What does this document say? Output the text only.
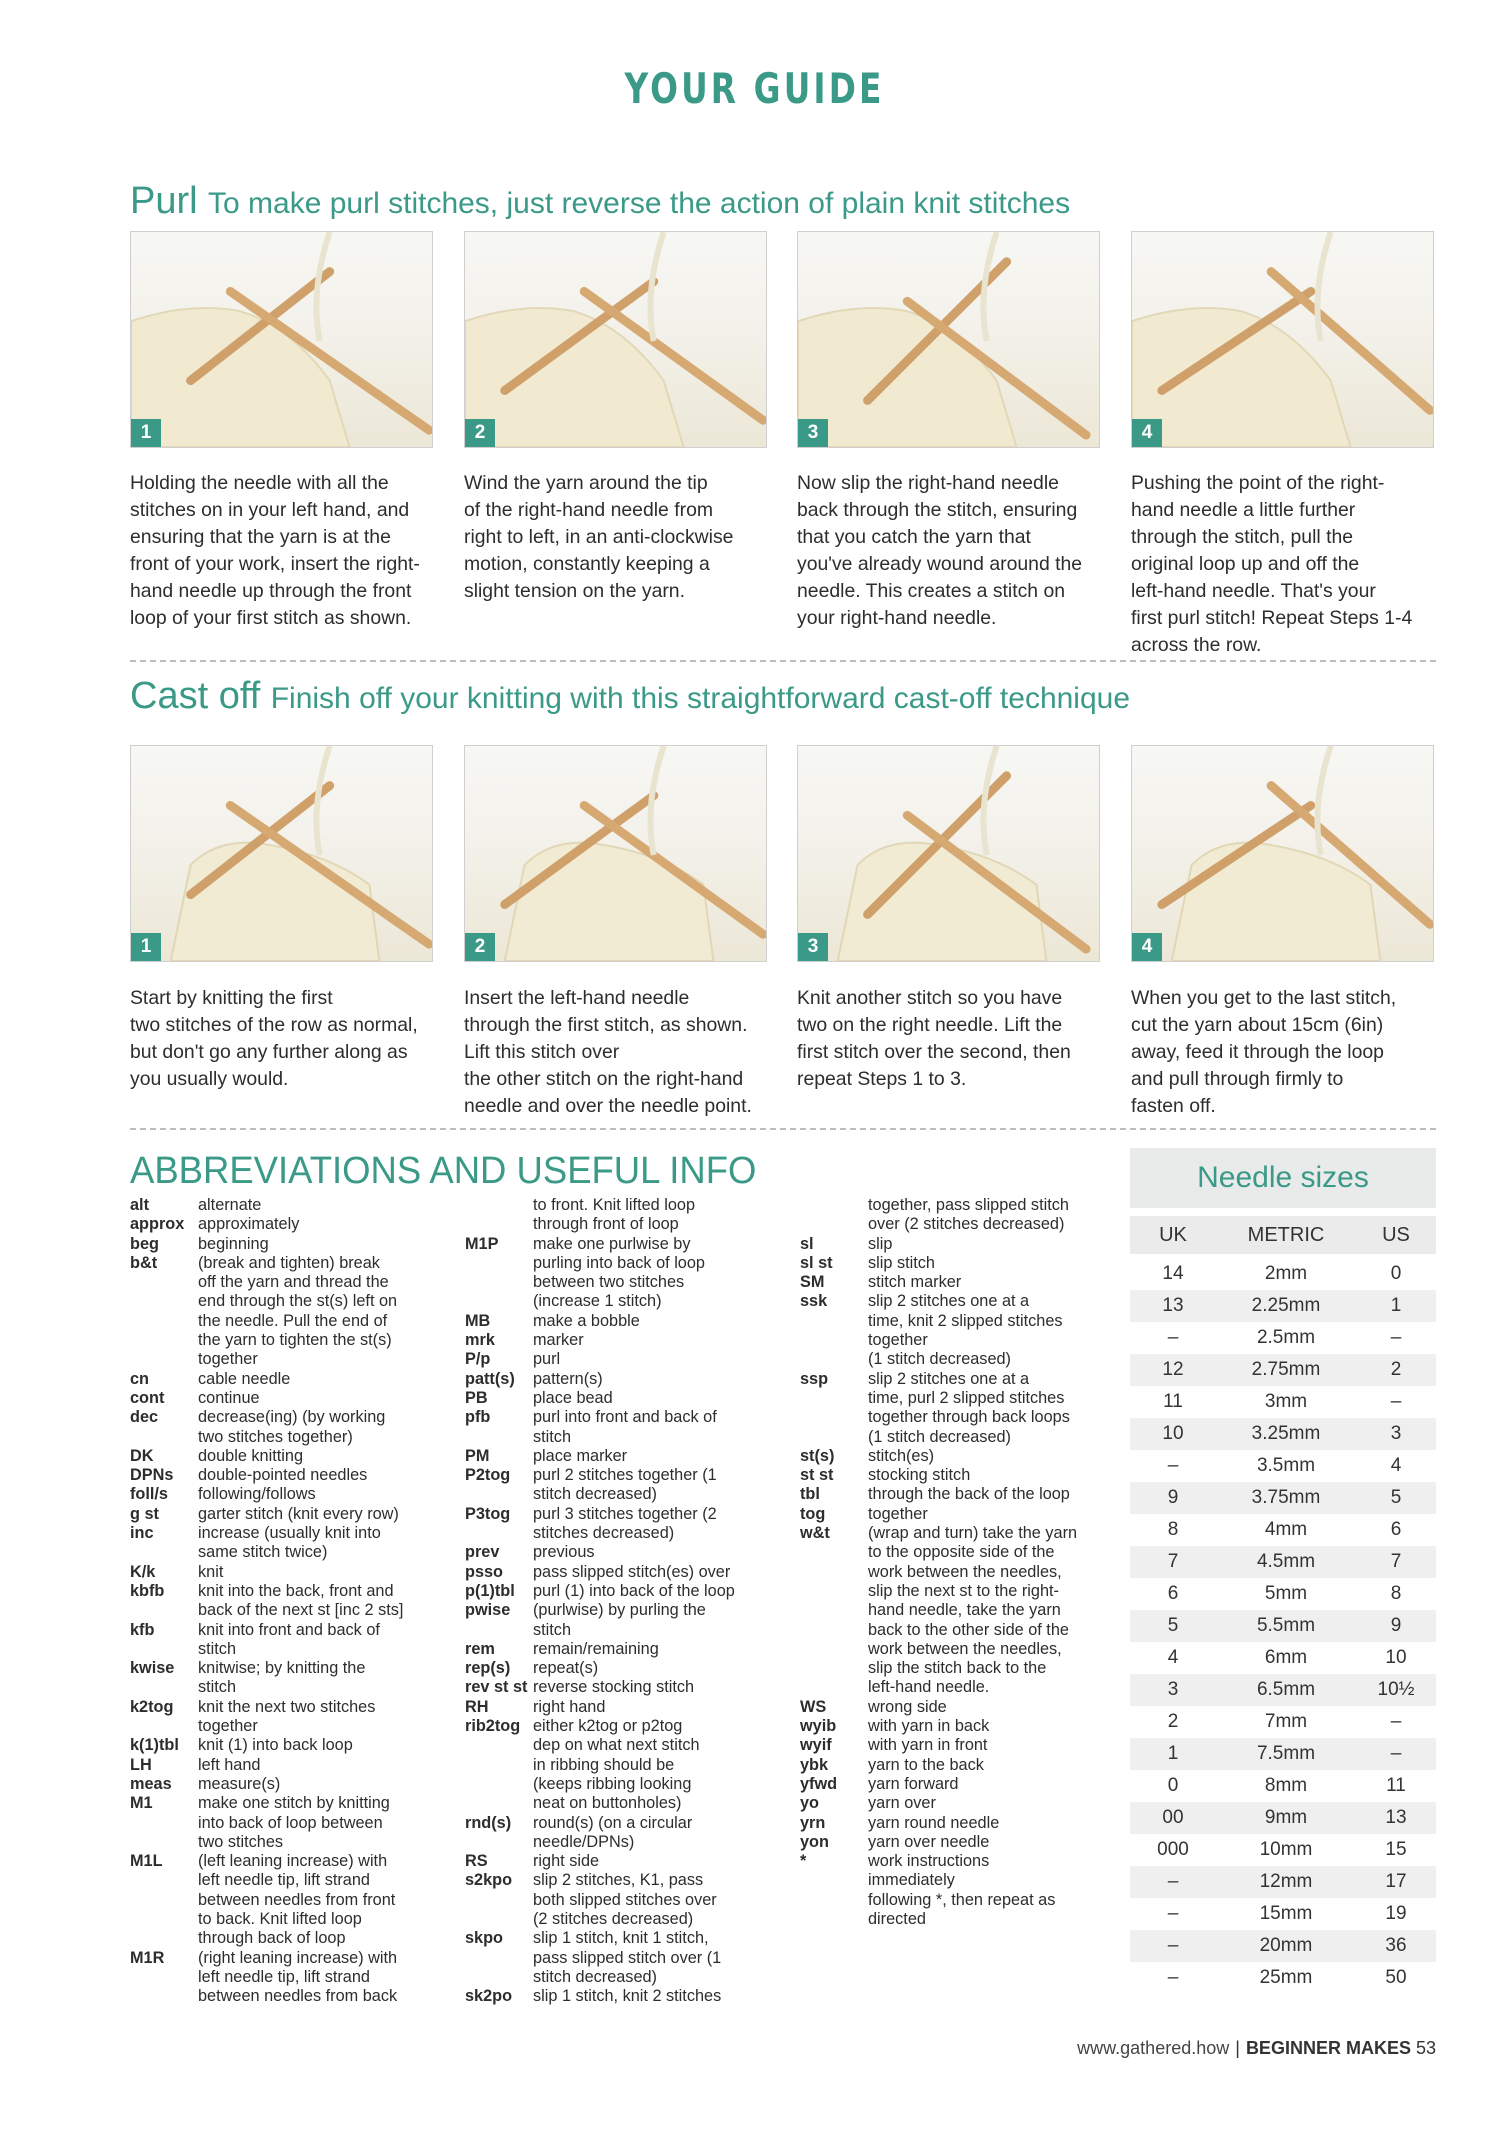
YOUR GUIDE
Purl To make purl stitches, just reverse the action of plain knit stitches
1	2	3	4
Holding the needle with all the
stitches on in your left hand, and
ensuring that the yarn is at the
front of your work, insert the right-
hand needle up through the front
loop of your first stitch as shown.
Wind the yarn around the tip
of the right-hand needle from
right to left, in an anti-clockwise
motion, constantly keeping a
slight tension on the yarn.
Now slip the right-hand needle
back through the stitch, ensuring
that you catch the yarn that
you've already wound around the
needle. This creates a stitch on
your right-hand needle.
Pushing the point of the right-
hand needle a little further
through the stitch, pull the
original loop up and off the
left-hand needle. That's your
first purl stitch! Repeat Steps 1-4
across the row.
Cast off Finish off your knitting with this straightforward cast-off technique
1	2	3	4
Start by knitting the first
two stitches of the row as normal,
but don't go any further along as
you usually would.
Insert the left-hand needle
through the first stitch, as shown.
Lift this stitch over
the other stitch on the right-hand
needle and over the needle point.
Knit another stitch so you have
two on the right needle. Lift the
first stitch over the second, then
repeat Steps 1 to 3.
When you get to the last stitch,
cut the yarn about 15cm (6in)
away, feed it through the loop
and pull through firmly to
fasten off.
ABBREVIATIONS AND USEFUL INFO
alt	alternate
approx approximately
beg	beginning
b&t	(break and tighten) break
off the yarn and thread the
end through the st(s) left on
the needle. Pull the end of
the yarn to tighten the st(s)
together
cn	cable needle
cont	continue
dec	decrease(ing) (by working
two stitches together)
DK	double knitting
DPNs	double-pointed needles
foll/s	following/follows
g st	garter stitch (knit every row)
inc	increase (usually knit into
same stitch twice)
K/k	knit
kbfb	knit into the back, front and
back of the next st [inc 2 sts]
kfb	knit into front and back of
stitch
kwise	knitwise; by knitting the
stitch
k2tog	knit the next two stitches
together
k(1)tbl	knit (1) into back loop
LH	left hand
meas	measure(s)
M1	make one stitch by knitting
into back of loop between
two stitches
M1L	(left leaning increase) with
left needle tip, lift strand
between needles from front
to back. Knit lifted loop
through back of loop
M1R	(right leaning increase) with
left needle tip, lift strand
between needles from back
to front. Knit lifted loop
through front of loop
M1P	make one purlwise by
purling into back of loop
between two stitches
(increase 1 stitch)
MB	make a bobble
mrk	marker
P/p	purl
patt(s)	pattern(s)
PB	place bead
pfb	purl into front and back of
stitch
PM	place marker
P2tog	purl 2 stitches together (1
stitch decreased)
P3tog	purl 3 stitches together (2
stitches decreased)
prev	previous
psso	pass slipped stitch(es) over
p(1)tbl	purl (1) into back of the loop
pwise	(purlwise) by purling the
stitch
rem	remain/remaining
rep(s)	repeat(s)
rev st st reverse stocking stitch
RH	right hand
rib2tog either k2tog or p2tog
dep on what next stitch
in ribbing should be
(keeps ribbing looking
neat on buttonholes)
rnd(s)	round(s) (on a circular
needle/DPNs)
RS	right side
s2kpo	slip 2 stitches, K1, pass
both slipped stitches over
(2 stitches decreased)
skpo	slip 1 stitch, knit 1 stitch,
pass slipped stitch over (1
stitch decreased)
sk2po	slip 1 stitch, knit 2 stitches
together, pass slipped stitch
over (2 stitches decreased)
sl	slip
sl st	slip stitch
SM	stitch marker
ssk	slip 2 stitches one at a
time, knit 2 slipped stitches
together
(1 stitch decreased)
ssp	slip 2 stitches one at a
time, purl 2 slipped stitches
together through back loops
(1 stitch decreased)
st(s)	stitch(es)
st st	stocking stitch
tbl	through the back of the loop
tog	together
w&t	(wrap and turn) take the yarn
to the opposite side of the
work between the needles,
slip the next st to the right-
hand needle, take the yarn
back to the other side of the
work between the needles,
slip the stitch back to the
left-hand needle.
WS	wrong side
wyib	with yarn in back
wyif	with yarn in front
ybk	yarn to the back
yfwd	yarn forward
yo	yarn over
yrn	yarn round needle
yon	yarn over needle
*	work instructions
immediately
following *, then repeat as
directed
Needle sizes
UK	METRIC	US
14	2mm	0
13	2.25mm	1
–	2.5mm	–
12	2.75mm	2
11	3mm	–
10	3.25mm	3
–	3.5mm	4
9	3.75mm	5
8	4mm	6
7	4.5mm	7
6	5mm	8
5	5.5mm	9
4	6mm	10
3	6.5mm	10½
2	7mm	–
1	7.5mm	–
0	8mm	11
00	9mm	13
000	10mm	15
–	12mm	17
–	15mm	19
–	20mm	36
–	25mm	50
www.gathered.how | BEGINNER MAKES 53
